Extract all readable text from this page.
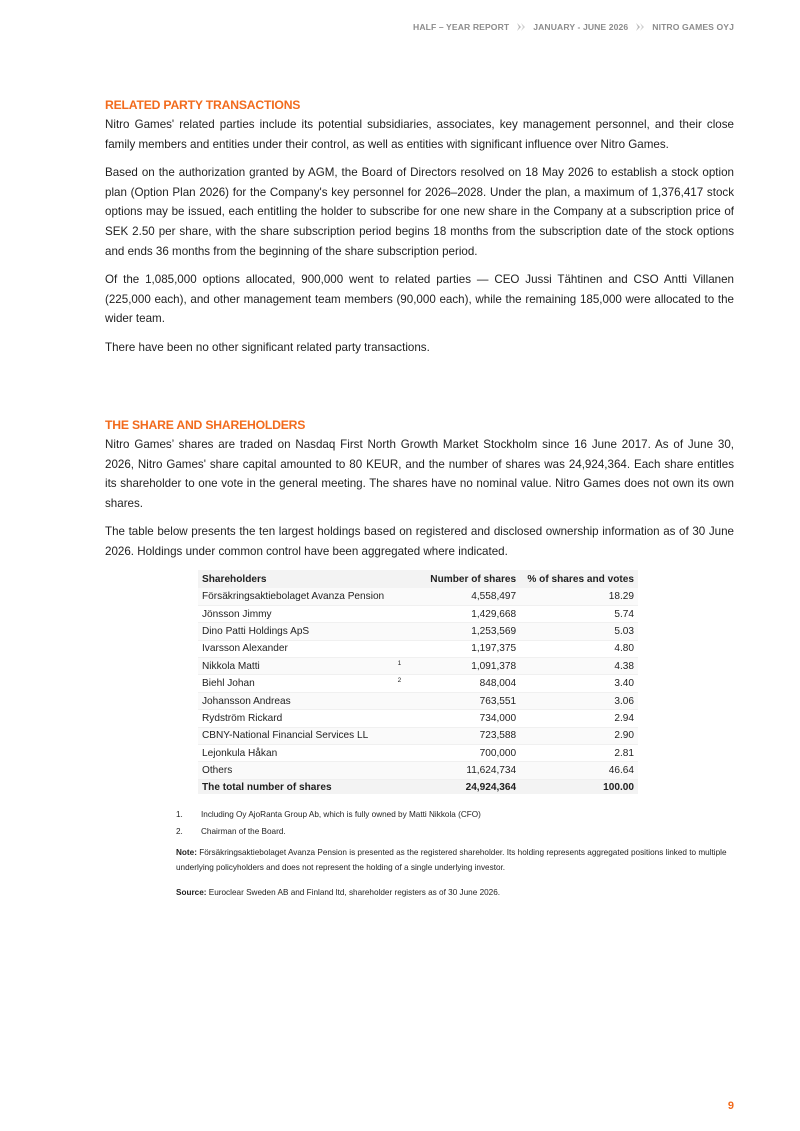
HALF – YEAR REPORT	JANUARY - JUNE 2026	NITRO GAMES OYJ
RELATED PARTY TRANSACTIONS

Nitro Games' related parties include its potential subsidiaries, associates, key management personnel, and their close family members and entities under their control, as well as entities with significant influence over Nitro Games.

Based on the authorization granted by AGM, the Board of Directors resolved on 18 May 2026 to establish a stock option plan (Option Plan 2026) for the Company's key personnel for 2026–2028. Under the plan, a maximum of 1,376,417 stock options may be issued, each entitling the holder to subscribe for one new share in the Company at a subscription price of SEK 2.50 per share, with the share subscription period begins 18 months from the subscription date of the stock options and ends 36 months from the beginning of the share subscription period.

Of the 1,085,000 options allocated, 900,000 went to related parties — CEO Jussi Tähtinen and CSO Antti Villanen (225,000 each), and other management team members (90,000 each), while the remaining 185,000 were allocated to the wider team.

There have been no other significant related party transactions.

THE SHARE AND SHAREHOLDERS

Nitro Games’ shares are traded on Nasdaq First North Growth Market Stockholm since 16 June 2017. As of June 30, 2026, Nitro Games' share capital amounted to 80 KEUR, and the number of shares was 24,924,364. Each share entitles its shareholder to one vote in the general meeting. The shares have no nominal value. Nitro Games does not own its own shares.

The table below presents the ten largest holdings based on registered and disclosed ownership information as of 30 June 2026. Holdings under common control have been aggregated where indicated.

Shareholders		Number of shares	% of shares and votes
Försäkringsaktiebolaget Avanza Pension		4,558,497	18.29
Jönsson Jimmy		1,429,668	5.74
Dino Patti Holdings ApS		1,253,569	5.03
Ivarsson Alexander		1,197,375	4.80
Nikkola Matti	1	1,091,378	4.38
Biehl Johan	2	848,004	3.40
Johansson Andreas		763,551	3.06
Rydström Rickard		734,000	2.94
CBNY-National Financial Services LL		723,588	2.90
Lejonkula Håkan		700,000	2.81
Others		11,624,734	46.64
The total number of shares		24,924,364	100.00
1.	Including Oy AjoRanta Group Ab, which is fully owned by Matti Nikkola (CFO)
2.	Chairman of the Board.

Note: Försäkringsaktiebolaget Avanza Pension is presented as the registered shareholder. Its holding represents aggregated positions linked to multiple underlying policyholders and does not represent the holding of a single underlying investor.

Source: Euroclear Sweden AB and Finland ltd, shareholder registers as of 30 June 2026.

9
